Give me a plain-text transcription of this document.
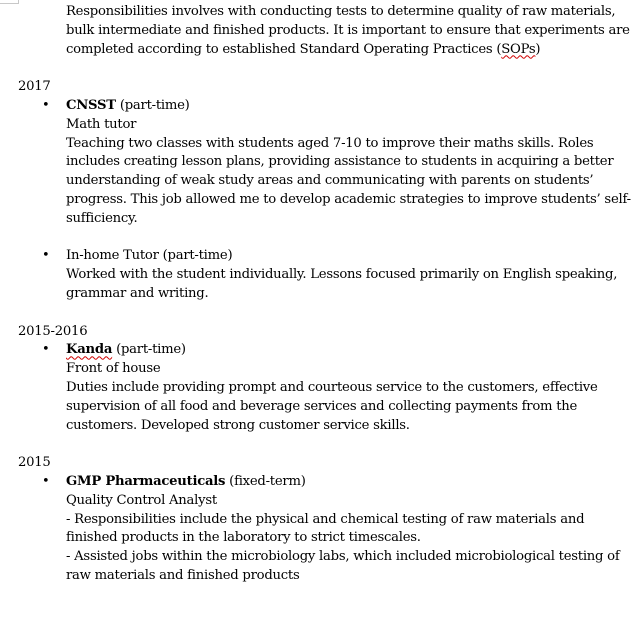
Responsibilities involves with conducting tests to determine quality of raw materials, bulk intermediate and finished products. It is important to ensure that experiments are completed according to established Standard Operating Practices (SOPs)
2017
• CNSST (part-time)
Math tutor
Teaching two classes with students aged 7-10 to improve their maths skills. Roles includes creating lesson plans, providing assistance to students in acquiring a better understanding of weak study areas and communicating with parents on students’ progress. This job allowed me to develop academic strategies to improve students’ self-sufficiency.
• In-home Tutor (part-time)
Worked with the student individually. Lessons focused primarily on English speaking, grammar and writing.
2015-2016
• Kanda (part-time)
Front of house
Duties include providing prompt and courteous service to the customers, effective supervision of all food and beverage services and collecting payments from the customers. Developed strong customer service skills.
2015
• GMP Pharmaceuticals (fixed-term)
Quality Control Analyst
- Responsibilities include the physical and chemical testing of raw materials and finished products in the laboratory to strict timescales.
- Assisted jobs within the microbiology labs, which included microbiological testing of raw materials and finished products
